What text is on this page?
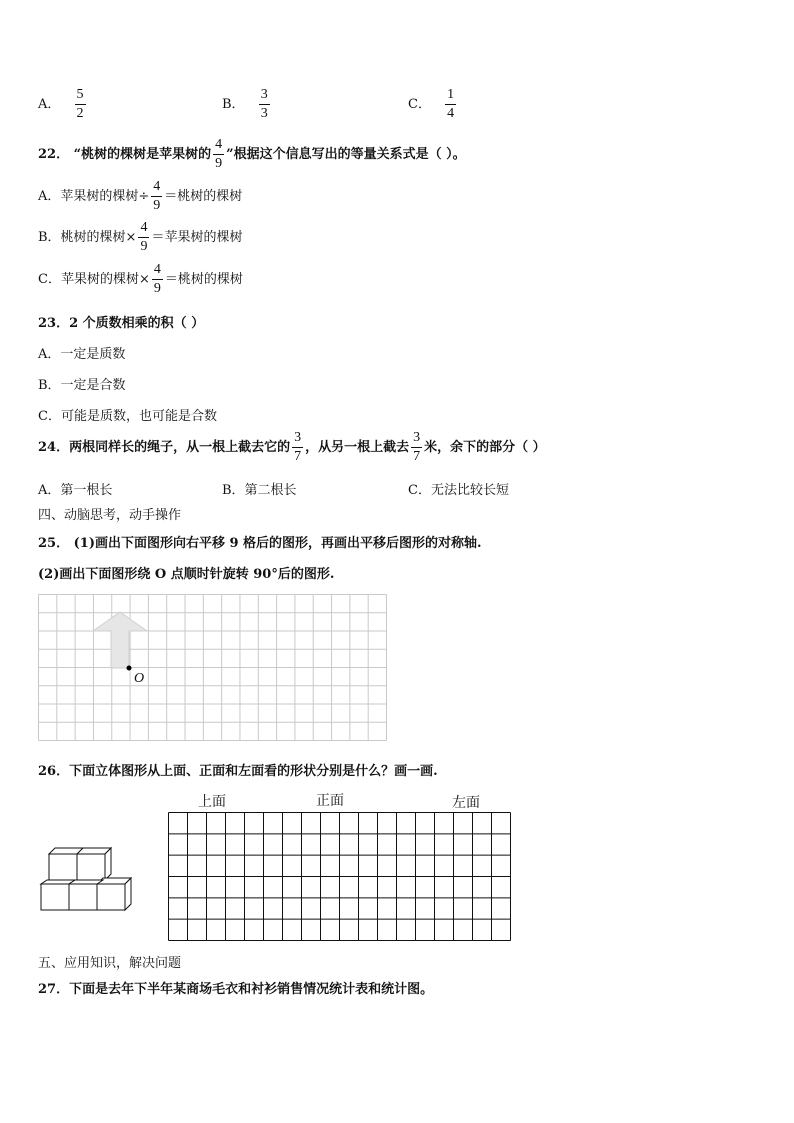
A． $\frac{5}{2}$	B． $\frac{3}{3}$	C． $\frac{1}{4}$
22． “桃树的棵树是苹果树的 $\frac{4}{9}$ ”根据这个信息写出的等量关系式是（ ）。
A．苹果树的棵树÷ $\frac{4}{9}$ ＝桃树的棵树
B．桃树的棵树× $\frac{4}{9}$ ＝苹果树的棵树
C．苹果树的棵树× $\frac{4}{9}$ ＝桃树的棵树
23．2 个质数相乘的积（ ）
A．一定是质数
B．一定是合数
C．可能是质数，也可能是合数
24．两根同样长的绳子，从一根上截去它的 $\frac{3}{7}$ ，从另一根上截去 $\frac{3}{7}$ 米，余下的部分（ ）
A．第一根长	B．第二根长	C．无法比较长短
四、动脑思考，动手操作
25． (1)画出下面图形向右平移 9 格后的图形，再画出平移后图形的对称轴.
(2)画出下面图形绕 O 点顺时针旋转 90°后的图形.
O
26．下面立体图形从上面、正面和左面看的形状分别是什么？画一画.
上面	正面	左面
五、应用知识，解决问题
27．下面是去年下半年某商场毛衣和衬衫销售情况统计表和统计图。
